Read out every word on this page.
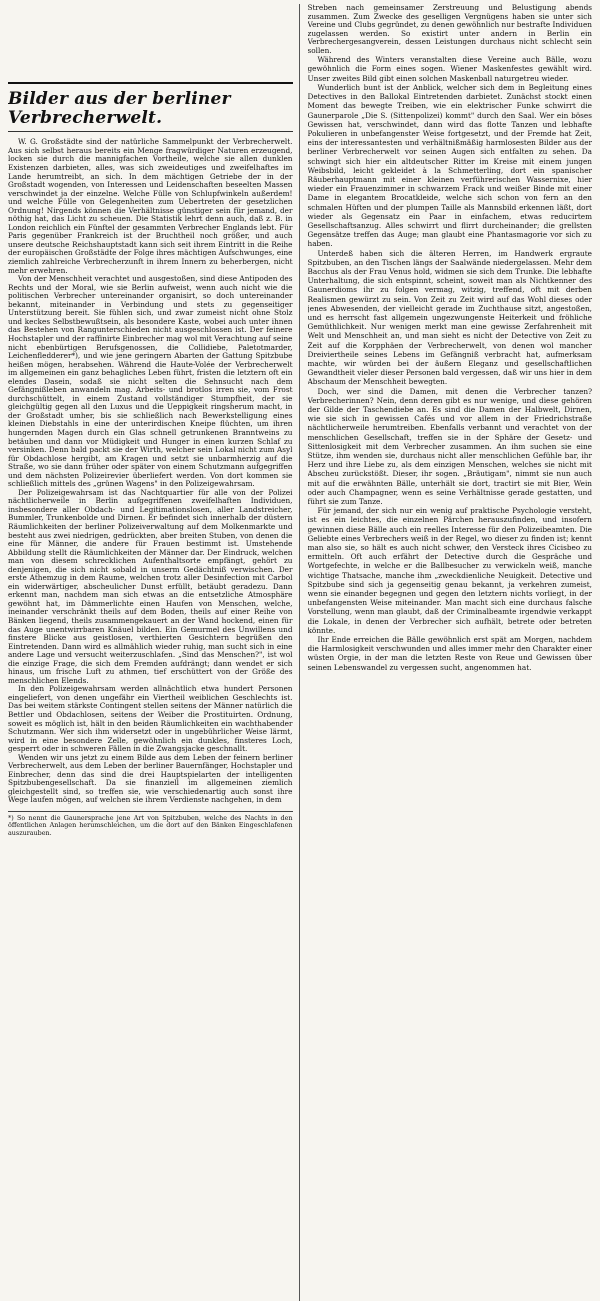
Bilder aus der berliner Verbrecherwelt.

W. G. Großstädte sind der natürliche Sammelpunkt der Verbrecherwelt. Aus sich selbst heraus bereits ein Menge fragwürdiger Naturen erzeugend, locken sie durch die mannigfachen Vortheile, welche sie allen dunklen Existenzen darbieten, alles, was sich zweideutiges und zweifelhaftes im Lande herumtreibt, an sich. In dem mächtigen Getriebe der in der Großstadt wogenden, von Interessen und Leidenschaften beseelten Massen verschwindet ja der einzelne. Welche Fülle von Schlupfwinkeln außerdem! und welche Fülle von Gelegenheiten zum Uebertreten der gesetzlichen Ordnung! Nirgends können die Verhältnisse günstiger sein für jemand, der nöthig hat, das Licht zu scheuen. Die Statistik lehrt denn auch, daß z. B. in London reichlich ein Fünftel der gesammten Verbrecher Englands lebt. Für Paris gegenüber Frankreich ist der Bruchtheil noch größer, und auch unsere deutsche Reichshauptstadt kann sich seit ihrem Eintritt in die Reihe der europäischen Großstädte der Folge ihres mächtigen Aufschwunges, eine ziemlich zahlreiche Verbrecherzunft in ihrem Innern zu beherbergen, nicht mehr erwehren.

Von der Menschheit verachtet und ausgestoßen, sind diese Antipoden des Rechts und der Moral, wie sie Berlin aufweist, wenn auch nicht wie die politischen Verbrecher untereinander organisirt, so doch untereinander bekannt, miteinander in Verbindung und stets zu gegenseitiger Unterstützung bereit. Sie fühlen sich, und zwar zumeist nicht ohne Stolz und keckes Selbstbewußtsein, als besondere Kaste, wobei auch unter ihnen das Bestehen von Rangunterschieden nicht ausgeschlossen ist. Der feinere Hochstapler und der raffinirte Einbrecher mag wol mit Verachtung auf seine nicht ebenbürtigen Berufsgenossen, die Collidiebe, Paletotmarder, Leichenfledderer*), und wie jene geringern Abarten der Gattung Spitzbube heißen mögen, herabsehen. Während die Haute-Volée der Verbrecherwelt im allgemeinen ein ganz behagliches Leben führt, fristen die letztern oft ein elendes Dasein, sodaß sie nicht selten die Sehnsucht nach dem Gefängnißleben anwandeln mag. Arbeits- und brotlos irren sie, vom Frost durchschüttelt, in einem Zustand vollständiger Stumpfheit, der sie gleichgültig gegen all den Luxus und die Ueppigkeit ringsherum macht, in der Großstadt umher, bis sie schließlich nach Bewerkstelligung eines kleinen Diebstahls in eine der unterirdischen Kneipe flüchten, um ihren hungernden Magen durch ein Glas schnell getrunkenen Branntweins zu betäuben und dann vor Müdigkeit und Hunger in einen kurzen Schlaf zu versinken. Denn bald packt sie der Wirth, welcher sein Lokal nicht zum Asyl für Obdachlose hergibt, am Kragen und setzt sie unbarmherzig auf die Straße, wo sie dann früher oder später von einem Schutzmann aufgegriffen und dem nächsten Polizeirevier überliefert werden. Von dort kommen sie schließlich mittels des „grünen Wagens" in den Polizeigewahrsam.

Der Polizeigewahrsam ist das Nachtquartier für alle von der Polizei nächtlicherweile in Berlin aufgegriffenen zweifelhaften Individuen, insbesondere aller Obdach- und Legitimationslosen, aller Landstreicher, Bummler, Trunkenbolde und Dirnen. Er befindet sich innerhalb der düstern Räumlichkeiten der berliner Polizeiverwaltung auf dem Molkenmarkte und besteht aus zwei niedrigen, gedrückten, aber breiten Stuben, von denen die eine für Männer, die andere für Frauen bestimmt ist. Umstehende Abbildung stellt die Räumlichkeiten der Männer dar. Der Eindruck, welchen man von diesem schrecklichen Aufenthaltsorte empfängt, gehört zu denjenigen, die sich nicht sobald in unserm Gedächtniß verwischen. Der erste Athemzug in dem Raume, welchen trotz aller Desinfection mit Carbol ein widerwärtiger, abscheulicher Dunst erfüllt, betäubt geradezu. Dann erkennt man, nachdem man sich etwas an die entsetzliche Atmosphäre gewöhnt hat, im Dämmerlichte einen Haufen von Menschen, welche, ineinander verschränkt theils auf dem Boden, theils auf einer Reihe von Bänken liegend, theils zusammengekauert an der Wand hockend, einen für das Auge unentwirrbaren Knäuel bilden. Ein Gemurmel des Unwillens und finstere Blicke aus geistlosen, verthierten Gesichtern begrüßen den Eintretenden. Dann wird es allmählich wieder ruhig, man sucht sich in eine andere Lage und versucht weiterzuschlafen. „Sind das Menschen?", ist wol die einzige Frage, die sich dem Fremden aufdrängt; dann wendet er sich hinaus, um frische Luft zu athmen, tief erschüttert von der Größe des menschlichen Elends.

In den Polizeigewahrsam werden allnächtlich etwa hundert Personen eingeliefert, von denen ungefähr ein Viertheil weiblichen Geschlechts ist. Das bei weitem stärkste Contingent stellen seitens der Männer natürlich die Bettler und Obdachlosen, seitens der Weiber die Prostituirten. Ordnung, soweit es möglich ist, hält in den beiden Räumlichkeiten ein wachthabender Schutzmann. Wer sich ihm widersetzt oder in ungebührlicher Weise lärmt, wird in eine besondere Zelle, gewöhnlich ein dunkles, finsteres Loch, gesperrt oder in schweren Fällen in die Zwangsjacke geschnallt.

Wenden wir uns jetzt zu einem Bilde aus dem Leben der feinern berliner Verbrecherwelt, aus dem Leben der berliner Bauernfänger, Hochstapler und Einbrecher, denn das sind die drei Hauptspielarten der intelligenten Spitzbubengesellschaft. Da sie finanziell im allgemeinen ziemlich gleichgestellt sind, so treffen sie, wie verschiedenartig auch sonst ihre Wege laufen mögen, auf welchen sie ihrem Verdienste nachgehen, in dem

*) So nennt die Gaunersprache jene Art von Spitzbuben, welche des Nachts in den öffentlichen Anlagen herumschleichen, um die dort auf den Bänken Eingeschlafenen auszurauben.
Streben nach gemeinsamer Zerstreuung und Belustigung abends zusammen. Zum Zwecke des geselligen Vergnügens haben sie unter sich Vereine und Clubs gegründet, zu denen gewöhnlich nur bestrafte Individuen zugelassen werden. So existirt unter andern in Berlin ein Verbrechergesangverein, dessen Leistungen durchaus nicht schlecht sein sollen.

Während des Winters veranstalten diese Vereine auch Bälle, wozu gewöhnlich die Form eines sogen. Wiener Maskenfestes gewählt wird. Unser zweites Bild gibt einen solchen Maskenball naturgetreu wieder.

Wunderlich bunt ist der Anblick, welcher sich dem in Begleitung eines Detectives in den Ballokal Eintretenden darbietet. Zunächst stockt einen Moment das bewegte Treiben, wie ein elektrischer Funke schwirrt die Gaunerparole „Die S. (Sittenpolizei) kommt" durch den Saal. Wer ein böses Gewissen hat, verschwindet, dann wird das flotte Tanzen und lebhafte Pokulieren in unbefangenster Weise fortgesetzt, und der Fremde hat Zeit, eins der interessantesten und verhältnißmäßig harmlosesten Bilder aus der berliner Verbrecherwelt vor seinen Augen sich entfalten zu sehen. Da schwingt sich hier ein altdeutscher Ritter im Kreise mit einem jungen Weibsbild, leicht gekleidet à la Schmetterling, dort ein spanischer Räuberhauptmann mit einer kleinen verführerischen Wassernixe, hier wieder ein Frauenzimmer in schwarzem Frack und weißer Binde mit einer Dame in elegantem Brocatkleide, welche sich schon von fern an den schmalen Hüften und der plumpen Taille als Mannsbild erkennen läßt, dort wieder als Gegensatz ein Paar in einfachem, etwas reducirtem Gesellschaftsanzug. Alles schwirrt und flirrt durcheinander; die grellsten Gegensätze treffen das Auge; man glaubt eine Phantasmagorie vor sich zu haben.

Unterdeß haben sich die älteren Herren, im Handwerk ergraute Spitzbuben, an den Tischen längs der Saalwände niedergelassen. Mehr dem Bacchus als der Frau Venus hold, widmen sie sich dem Trunke. Die lebhafte Unterhaltung, die sich entspinnt, scheint, soweit man als Nichtkenner des Gaunerdioms ihr zu folgen vermag, witzig, treffend, oft mit derben Realismen gewürzt zu sein. Von Zeit zu Zeit wird auf das Wohl dieses oder jenes Abwesenden, der vielleicht gerade im Zuchthause sitzt, angestoßen, und es herrscht fast allgemein ungezwungenste Heiterkeit und fröhliche Gemüthlichkeit. Nur wenigen merkt man eine gewisse Zerfahrenheit mit Welt und Menschheit an, und man sieht es nicht der Detective von Zeit zu Zeit auf die Korpphäen der Verbrecherwelt, von denen wol mancher Dreiviertheile seines Lebens im Gefängniß verbracht hat, aufmerksam machte, wir würden bei der äußern Eleganz und gesellschaftlichen Gewandtheit vieler dieser Personen bald vergessen, daß wir uns hier in dem Abschaum der Menschheit bewegten.

Doch, wer sind die Damen, mit denen die Verbrecher tanzen? Verbrecherinnen? Nein, denn deren gibt es nur wenige, und diese gehören der Gilde der Taschendiebe an. Es sind die Damen der Halbwelt, Dirnen, wie sie sich in gewissen Cafés und vor allem in der Friedrichstraße nächtlicherweile herumtreiben. Ebenfalls verbannt und verachtet von der menschlichen Gesellschaft, treffen sie in der Sphäre der Gesetz- und Sittenlosigkeit mit dem Verbrecher zusammen. An ihm suchen sie eine Stütze, ihm wenden sie, durchaus nicht aller menschlichen Gefühle bar, ihr Herz und ihre Liebe zu, als dem einzigen Menschen, welches sie nicht mit Abscheu zurückstößt. Dieser, ihr sogen. „Bräutigam", nimmt sie nun auch mit auf die erwähnten Bälle, unterhält sie dort, tractirt sie mit Bier, Wein oder auch Champagner, wenn es seine Verhältnisse gerade gestatten, und führt sie zum Tanze.

Für jemand, der sich nur ein wenig auf praktische Psychologie versteht, ist es ein leichtes, die einzelnen Pärchen herauszufinden, und insofern gewinnen diese Bälle auch ein reelles Interesse für den Polizeibeamten. Die Geliebte eines Verbrechers weiß in der Regel, wo dieser zu finden ist; kennt man also sie, so hält es auch nicht schwer, den Versteck ihres Cicisbeo zu ermitteln. Oft auch erfährt der Detective durch die Gespräche und Wortgefechte, in welche er die Ballbesucher zu verwickeln weiß, manche wichtige Thatsache, manche ihm „zweckdienliche Neuigkeit. Detective und Spitzbube sind sich ja gegenseitig genau bekannt, ja verkehren zumeist, wenn sie einander begegnen und gegen den letztern nichts vorliegt, in der unbefangensten Weise miteinander. Man macht sich eine durchaus falsche Vorstellung, wenn man glaubt, daß der Criminalbeamte irgendwie verkappt die Lokale, in denen der Verbrecher sich aufhält, betrete oder betreten könnte.

Ihr Ende erreichen die Bälle gewöhnlich erst spät am Morgen, nachdem die Harmlosigkeit verschwunden und alles immer mehr den Charakter einer wüsten Orgie, in der man die letzten Reste von Reue und Gewissen über seinen Lebenswandel zu vergessen sucht, angenommen hat.
